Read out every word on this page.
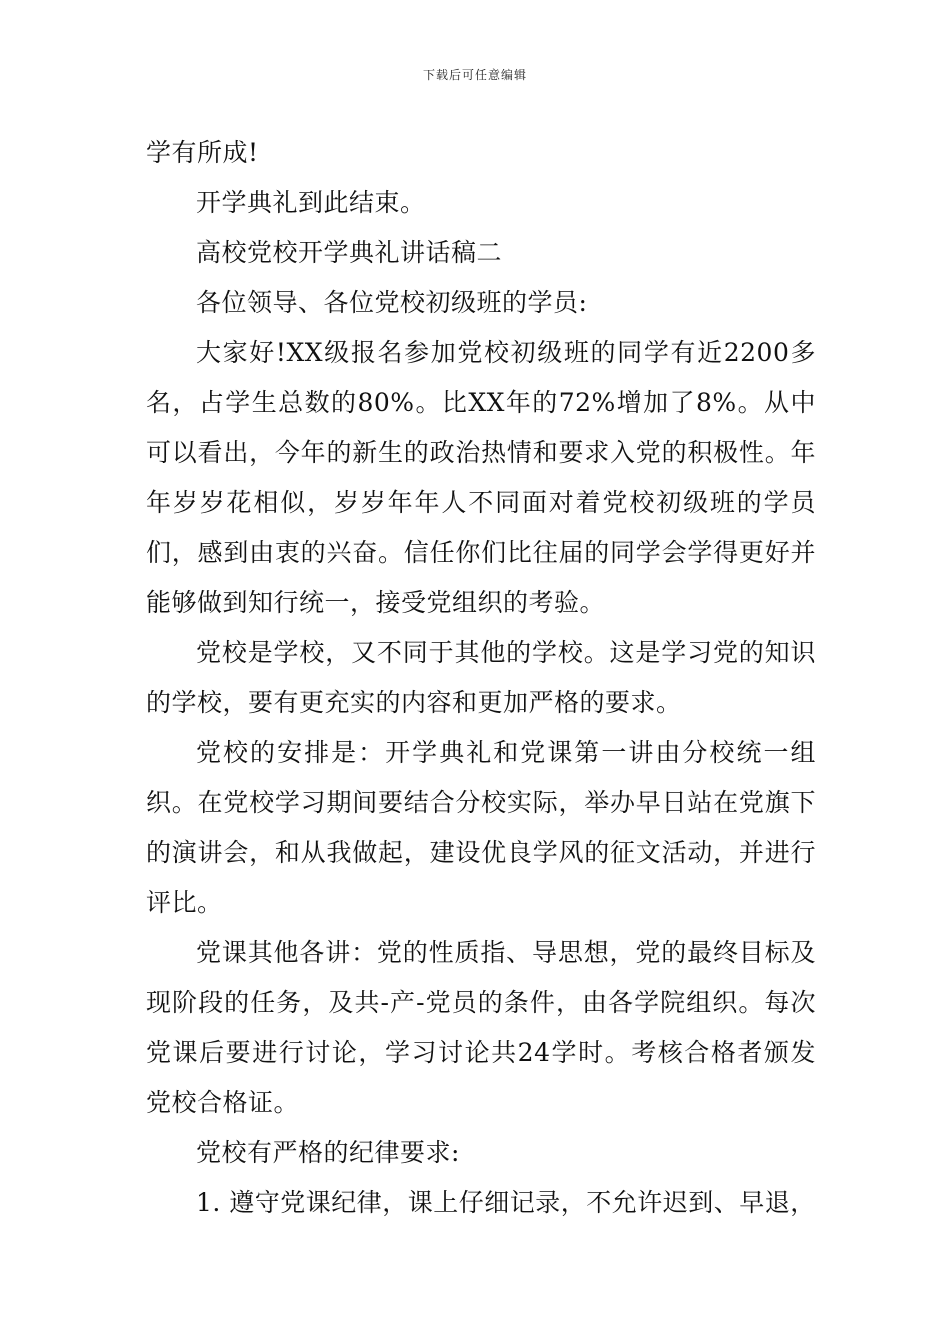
下载后可任意编辑

学有所成!

开学典礼到此结束。

高校党校开学典礼讲话稿二

各位领导、各位党校初级班的学员:

大家好!XX级报名参加党校初级班的同学有近2200多名，占学生总数的80%。比XX年的72%增加了8%。从中可以看出，今年的新生的政治热情和要求入党的积极性。年年岁岁花相似，岁岁年年人不同面对着党校初级班的学员们，感到由衷的兴奋。信任你们比往届的同学会学得更好并能够做到知行统一，接受党组织的考验。

党校是学校，又不同于其他的学校。这是学习党的知识的学校，要有更充实的内容和更加严格的要求。

党校的安排是：开学典礼和党课第一讲由分校统一组织。在党校学习期间要结合分校实际，举办早日站在党旗下的演讲会，和从我做起，建设优良学风的征文活动，并进行评比。

党课其他各讲：党的性质指、导思想，党的最终目标及现阶段的任务，及共-产-党员的条件，由各学院组织。每次党课后要进行讨论，学习讨论共24学时。考核合格者颁发党校合格证。

党校有严格的纪律要求:

1. 遵守党课纪律，课上仔细记录，不允许迟到、早退，
